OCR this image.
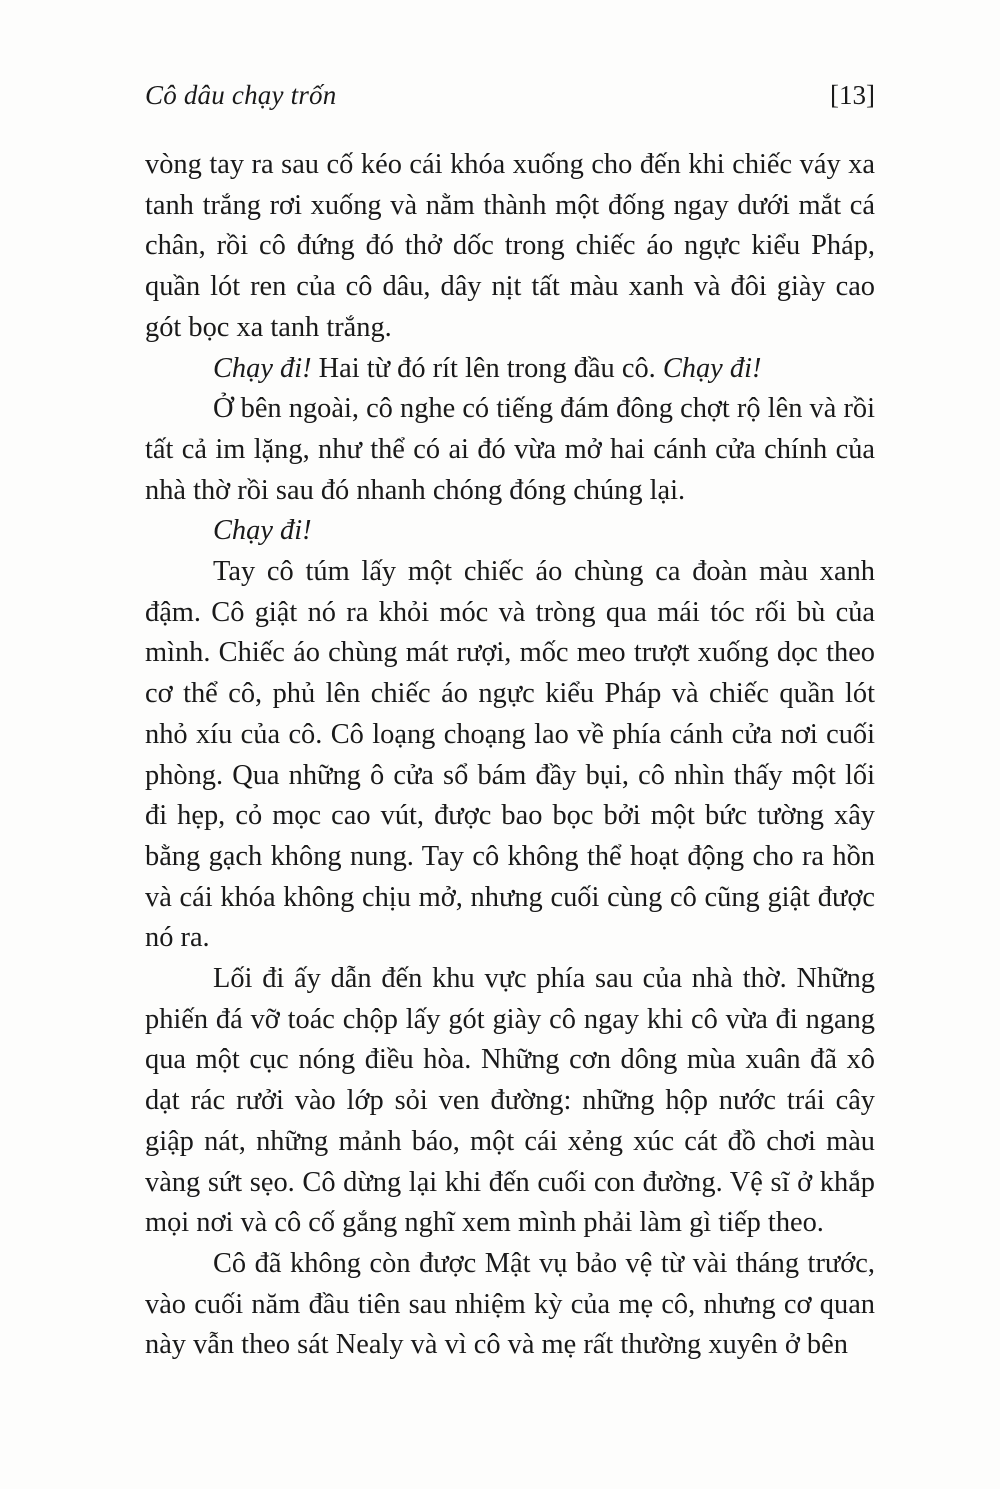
Cô dâu chạy trốn	[13]

vòng tay ra sau cố kéo cái khóa xuống cho đến khi chiếc váy xa tanh trắng rơi xuống và nằm thành một đống ngay dưới mắt cá chân, rồi cô đứng đó thở dốc trong chiếc áo ngực kiểu Pháp, quần lót ren của cô dâu, dây nịt tất màu xanh và đôi giày cao gót bọc xa tanh trắng.

Chạy đi! Hai từ đó rít lên trong đầu cô. Chạy đi!

Ở bên ngoài, cô nghe có tiếng đám đông chợt rộ lên và rồi tất cả im lặng, như thể có ai đó vừa mở hai cánh cửa chính của nhà thờ rồi sau đó nhanh chóng đóng chúng lại.

Chạy đi!

Tay cô túm lấy một chiếc áo chùng ca đoàn màu xanh đậm. Cô giật nó ra khỏi móc và tròng qua mái tóc rối bù của mình. Chiếc áo chùng mát rượi, mốc meo trượt xuống dọc theo cơ thể cô, phủ lên chiếc áo ngực kiểu Pháp và chiếc quần lót nhỏ xíu của cô. Cô loạng choạng lao về phía cánh cửa nơi cuối phòng. Qua những ô cửa sổ bám đầy bụi, cô nhìn thấy một lối đi hẹp, cỏ mọc cao vút, được bao bọc bởi một bức tường xây bằng gạch không nung. Tay cô không thể hoạt động cho ra hồn và cái khóa không chịu mở, nhưng cuối cùng cô cũng giật được nó ra.

Lối đi ấy dẫn đến khu vực phía sau của nhà thờ. Những phiến đá vỡ toác chộp lấy gót giày cô ngay khi cô vừa đi ngang qua một cục nóng điều hòa. Những cơn dông mùa xuân đã xô dạt rác rưởi vào lớp sỏi ven đường: những hộp nước trái cây giập nát, những mảnh báo, một cái xẻng xúc cát đồ chơi màu vàng sứt sẹo. Cô dừng lại khi đến cuối con đường. Vệ sĩ ở khắp mọi nơi và cô cố gắng nghĩ xem mình phải làm gì tiếp theo.

Cô đã không còn được Mật vụ bảo vệ từ vài tháng trước, vào cuối năm đầu tiên sau nhiệm kỳ của mẹ cô, nhưng cơ quan này vẫn theo sát Nealy và vì cô và mẹ rất thường xuyên ở bên
